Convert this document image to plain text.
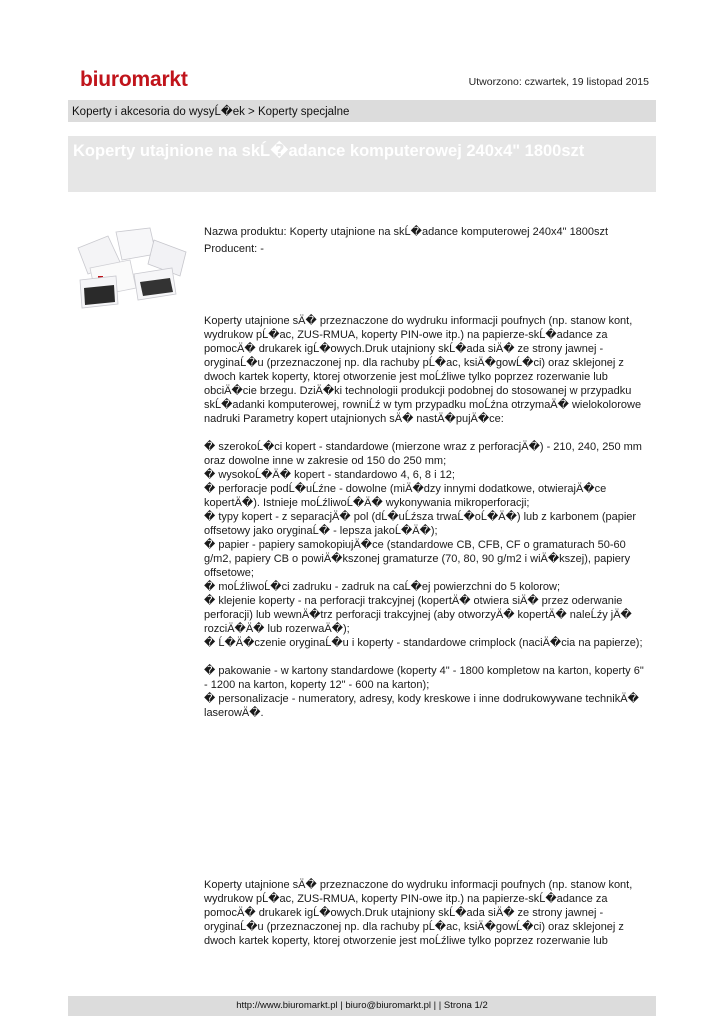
biuromarkt	Utworzono: czwartek, 19 listopad 2015
Koperty i akcesoria do wysyĹ�ek > Koperty specjalne
Koperty utajnione na skĹ�adance komputerowej 240x4" 1800szt
Nazwa produktu: Koperty utajnione na skĹ�adance komputerowej 240x4" 1800szt
Producent: -
Koperty utajnione sÄ� przeznaczone do wydruku informacji poufnych (np. stanow kont, wydrukow pĹ�ac, ZUS-RMUA, koperty PIN-owe itp.) na papierze-skĹ�adance za pomocÄ� drukarek igĹ�owych.Druk utajniony skĹ�ada siÄ� ze strony jawnej - oryginaĹ�u (przeznaczonej np. dla rachuby pĹ�ac, ksiÄ�gowĹ�ci) oraz sklejonej z dwoch kartek koperty, ktorej otworzenie jest moĹźliwe tylko poprzez rozerwanie lub obciÄ�cie brzegu. DziÄ�ki technologii produkcji podobnej do stosowanej w przypadku skĹ�adanki komputerowej, rowniĹź w tym przypadku moĹźna otrzymaÄ� wielokolorowe nadruki Parametry kopert utajnionych sÄ� nastÄ�pujÄ�ce:

� szerokoĹ�ci kopert - standardowe (mierzone wraz z perforacjÄ�) - 210, 240, 250 mm oraz dowolne inne w zakresie od 150 do 250 mm;
� wysokoĹ�Ä� kopert - standardowo 4, 6, 8 i 12;
� perforacje podĹ�uĹźne - dowolne (miÄ�dzy innymi dodatkowe, otwierajÄ�ce kopertÄ�). Istnieje moĹźliwoĹ�Ä� wykonywania mikroperforacji;
� typy kopert - z separacjÄ� pol (dĹ�uĹźsza trwaĹ�oĹ�Ä�) lub z karbonem (papier offsetowy jako oryginaĹ� - lepsza jakoĹ�Ä�);
� papier - papiery samokopiujÄ�ce (standardowe CB, CFB, CF o gramaturach 50-60 g/m2, papiery CB o powiÄ�kszonej gramaturze (70, 80, 90 g/m2 i wiÄ�kszej), papiery offsetowe;
� moĹźliwoĹ�ci zadruku - zadruk na caĹ�ej powierzchni do 5 kolorow;
� klejenie koperty - na perforacji trakcyjnej (kopertÄ� otwiera siÄ� przez oderwanie perforacji) lub wewnÄ�trz perforacji trakcyjnej (aby otworzyÄ� kopertÄ� naleĹźy jÄ� rozciÄ�Ä� lub rozerwaÄ�);
� Ĺ�Ä�czenie oryginaĹ�u i koperty - standardowe crimplock (naciÄ�cia na papierze);

� pakowanie - w kartony standardowe (koperty 4" - 1800 kompletow na karton, koperty 6" - 1200 na karton, koperty 12" - 600 na karton);
� personalizacje - numeratory, adresy, kody kreskowe i inne dodrukowywane technikÄ� laserowÄ�.
Koperty utajnione sÄ� przeznaczone do wydruku informacji poufnych (np. stanow kont, wydrukow pĹ�ac, ZUS-RMUA, koperty PIN-owe itp.) na papierze-skĹ�adance za pomocÄ� drukarek igĹ�owych.Druk utajniony skĹ�ada siÄ� ze strony jawnej - oryginaĹ�u (przeznaczonej np. dla rachuby pĹ�ac, ksiÄ�gowĹ�ci) oraz sklejonej z dwoch kartek koperty, ktorej otworzenie jest moĹźliwe tylko poprzez rozerwanie lub
http://www.biuromarkt.pl | biuro@biuromarkt.pl | | Strona 1/2
